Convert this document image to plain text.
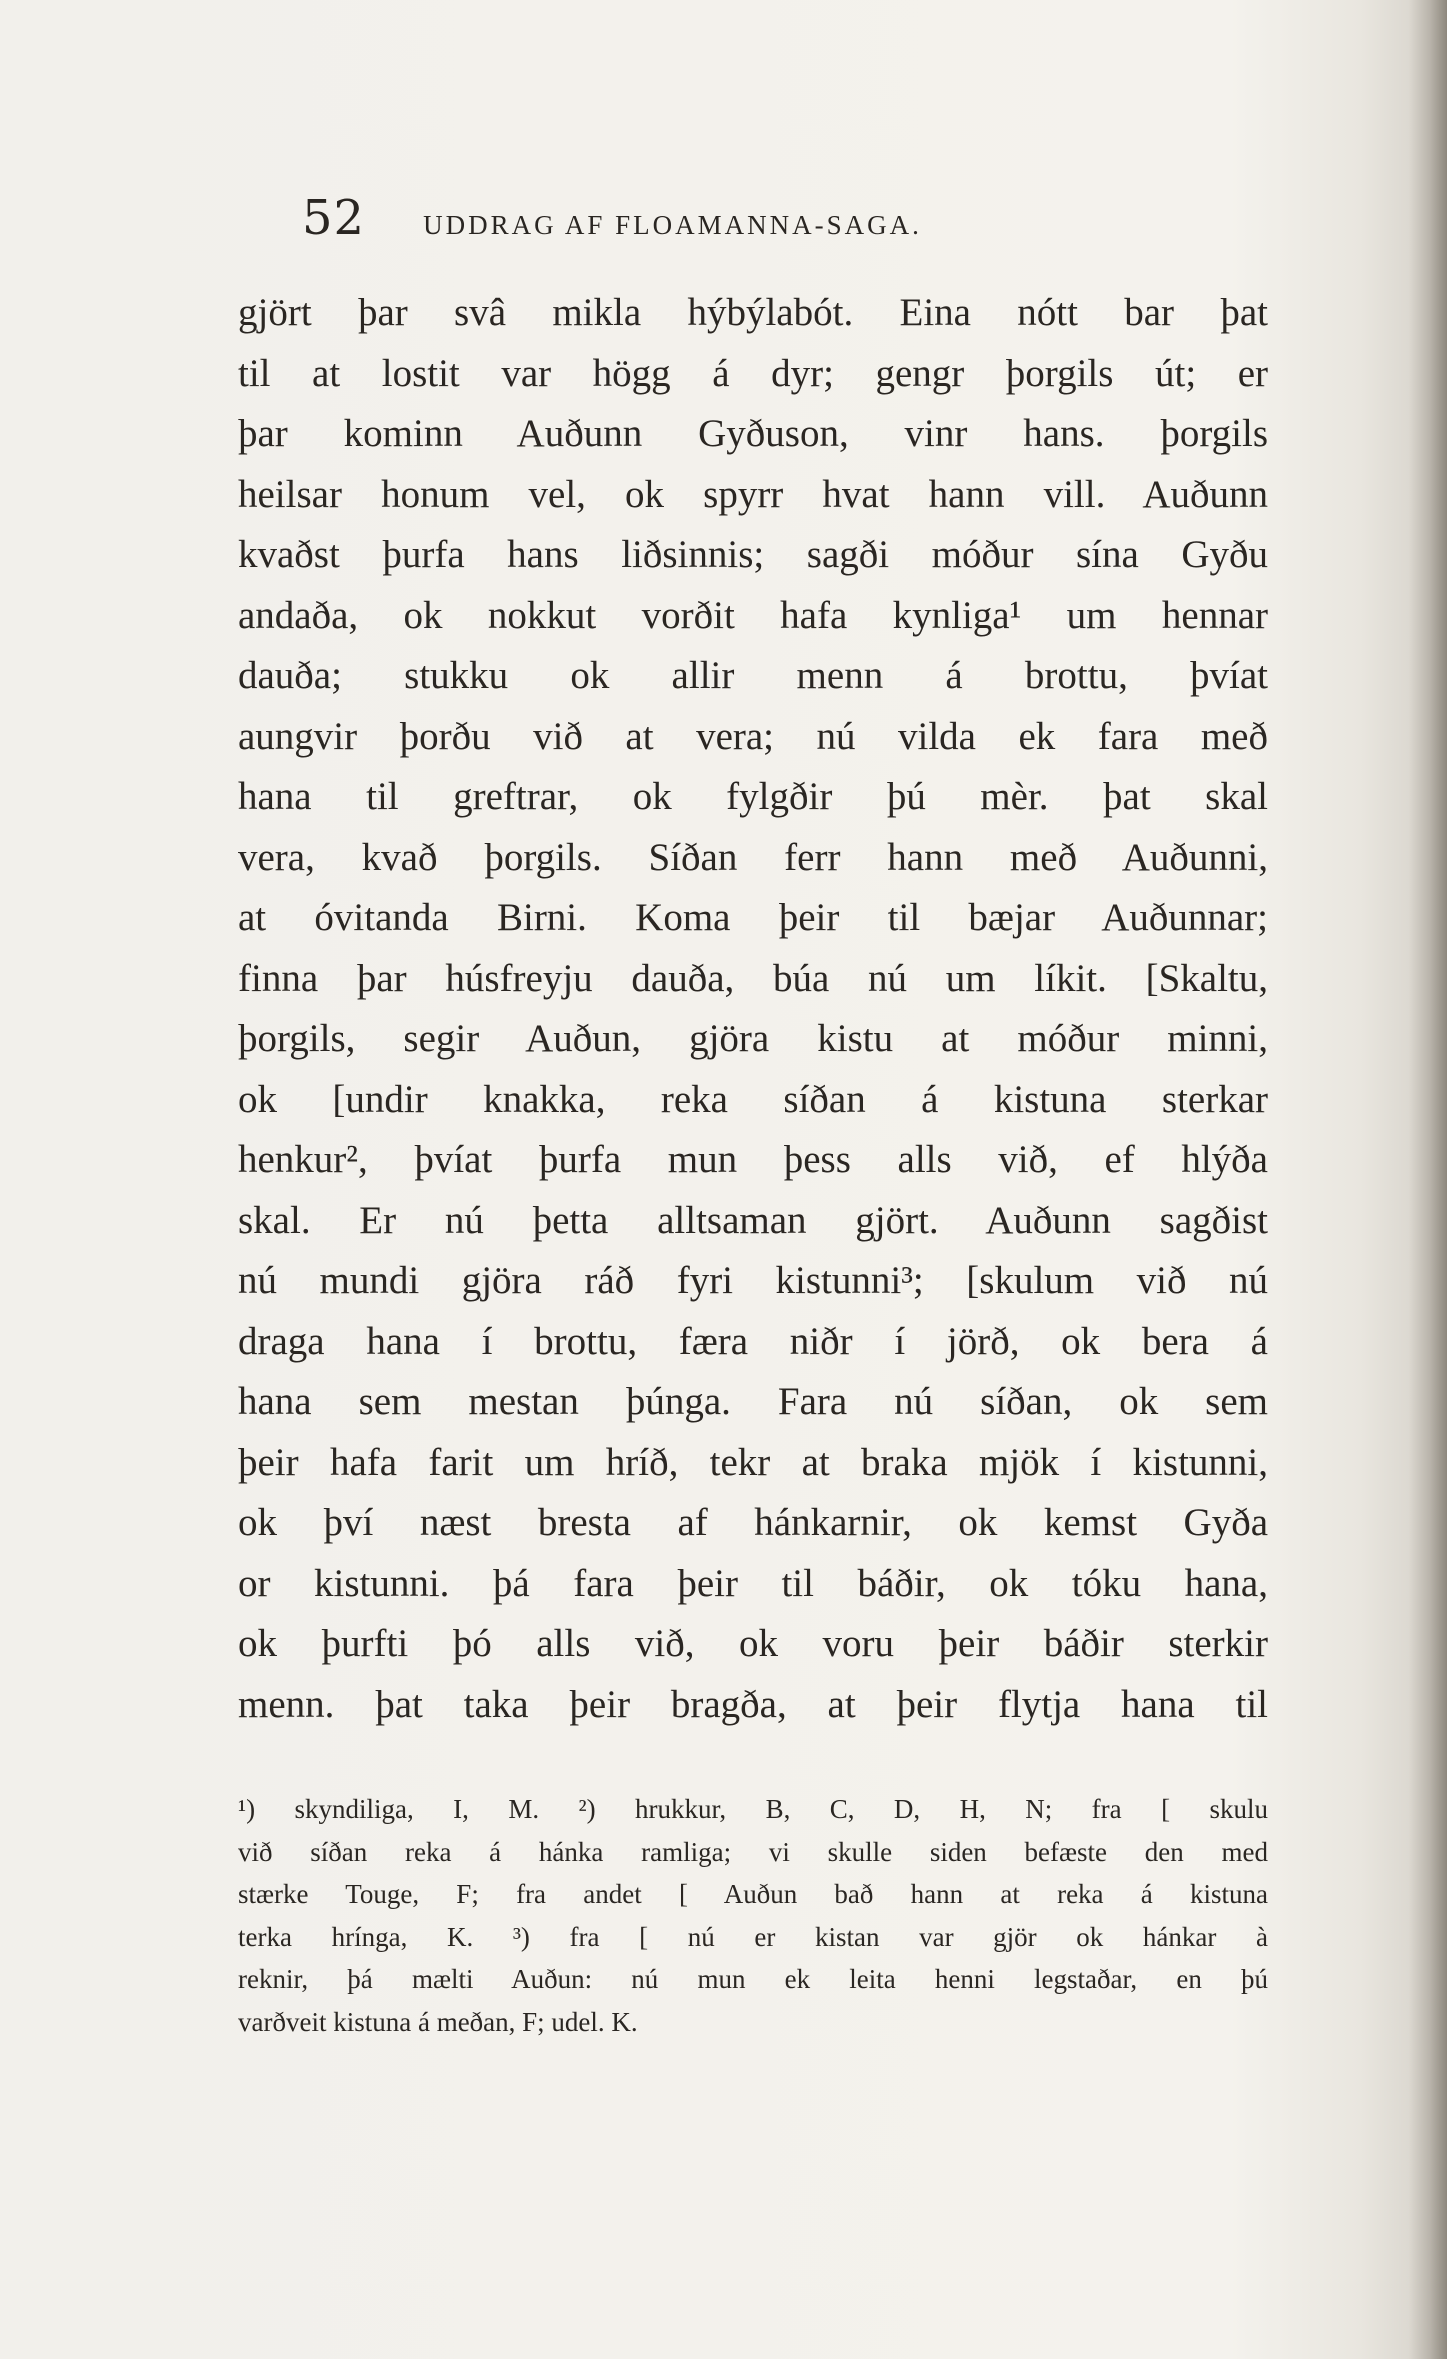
52 UDDRAG AF FLOAMANNA-SAGA.
gjört þar svâ mikla hýbýlabót. Eina nótt bar þat
til at lostit var högg á dyr; gengr þorgils út; er
þar kominn Auðunn Gyðuson, vinr hans. þorgils
heilsar honum vel, ok spyrr hvat hann vill. Auðunn
kvaðst þurfa hans liðsinnis; sagði móður sína Gyðu
andaða, ok nokkut vorðit hafa kynliga¹ um hennar
dauða; stukku ok allir menn á brottu, þvíat
aungvir þorðu við at vera; nú vilda ek fara með
hana til greftrar, ok fylgðir þú mèr. þat skal
vera, kvað þorgils. Síðan ferr hann með Auðunni,
at óvitanda Birni. Koma þeir til bæjar Auðunnar;
finna þar húsfreyju dauða, búa nú um líkit. [Skaltu,
þorgils, segir Auðun, gjöra kistu at móður minni,
ok [undir knakka, reka síðan á kistuna sterkar
henkur², þvíat þurfa mun þess alls við, ef hlýða
skal. Er nú þetta alltsaman gjört. Auðunn sagðist
nú mundi gjöra ráð fyri kistunni³; [skulum við nú
draga hana í brottu, færa niðr í jörð, ok bera á
hana sem mestan þúnga. Fara nú síðan, ok sem
þeir hafa farit um hríð, tekr at braka mjök í kistunni,
ok því næst bresta af hánkarnir, ok kemst Gyða
or kistunni. þá fara þeir til báðir, ok tóku hana,
ok þurfti þó alls við, ok voru þeir báðir sterkir
menn. þat taka þeir bragða, at þeir flytja hana til
¹) skyndiliga, I, M. ²) hrukkur, B, C, D, H, N; fra [ skulu
við síðan reka á hánka ramliga; vi skulle siden befæste den med
stærke Touge, F; fra andet [ Auðun bað hann at reka á kistuna
terka hrínga, K. ³) fra [ nú er kistan var gjör ok hánkar à
reknir, þá mælti Auðun: nú mun ek leita henni legstaðar, en þú
varðveit kistuna á meðan, F; udel. K.
